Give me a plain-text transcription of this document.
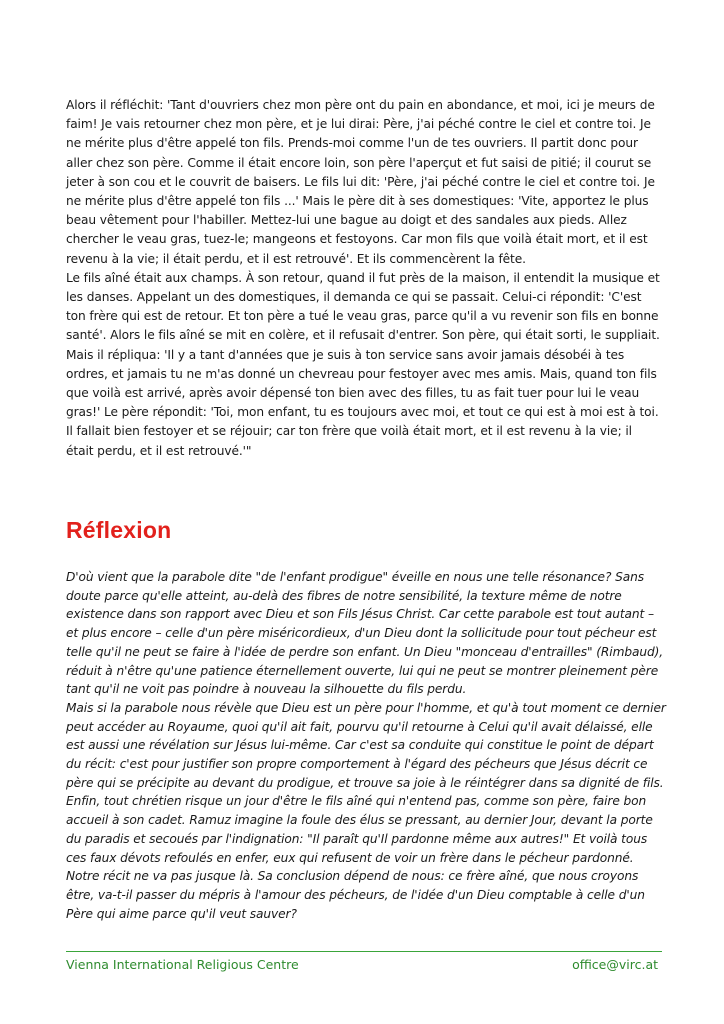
Alors il réfléchit: 'Tant d'ouvriers chez mon père ont du pain en abondance, et moi, ici je meurs de faim! Je vais retourner chez mon père, et je lui dirai: Père, j'ai péché contre le ciel et contre toi. Je ne mérite plus d'être appelé ton fils. Prends-moi comme l'un de tes ouvriers. Il partit donc pour aller chez son père. Comme il était encore loin, son père l'aperçut et fut saisi de pitié; il courut se jeter à son cou et le couvrit de baisers. Le fils lui dit: 'Père, j'ai péché contre le ciel et contre toi. Je ne mérite plus d'être appelé ton fils ...' Mais le père dit à ses domestiques: 'Vite, apportez le plus beau vêtement pour l'habiller. Mettez-lui une bague au doigt et des sandales aux pieds. Allez chercher le veau gras, tuez-le; mangeons et festoyons. Car mon fils que voilà était mort, et il est revenu à la vie; il était perdu, et il est retrouvé'. Et ils commencèrent la fête.

Le fils aîné était aux champs. À son retour, quand il fut près de la maison, il entendit la musique et les danses. Appelant un des domestiques, il demanda ce qui se passait. Celui-ci répondit: 'C'est ton frère qui est de retour. Et ton père a tué le veau gras, parce qu'il a vu revenir son fils en bonne santé'. Alors le fils aîné se mit en colère, et il refusait d'entrer. Son père, qui était sorti, le suppliait. Mais il répliqua: 'Il y a tant d'années que je suis à ton service sans avoir jamais désobéi à tes ordres, et jamais tu ne m'as donné un chevreau pour festoyer avec mes amis. Mais, quand ton fils que voilà est arrivé, après avoir dépensé ton bien avec des filles, tu as fait tuer pour lui le veau gras!' Le père répondit: 'Toi, mon enfant, tu es toujours avec moi, et tout ce qui est à moi est à toi. Il fallait bien festoyer et se réjouir; car ton frère que voilà était mort, et il est revenu à la vie; il était perdu, et il est retrouvé.'"

Réflexion

D'où vient que la parabole dite "de l'enfant prodigue" éveille en nous une telle résonance? Sans doute parce qu'elle atteint, au-delà des fibres de notre sensibilité, la texture même de notre existence dans son rapport avec Dieu et son Fils Jésus Christ. Car cette parabole est tout autant – et plus encore – celle d'un père miséricordieux, d'un Dieu dont la sollicitude pour tout pécheur est telle qu'il ne peut se faire à l'idée de perdre son enfant. Un Dieu "monceau d'entrailles" (Rimbaud), réduit à n'être qu'une patience éternellement ouverte, lui qui ne peut se montrer pleinement père tant qu'il ne voit pas poindre à nouveau la silhouette du fils perdu.

Mais si la parabole nous révèle que Dieu est un père pour l'homme, et qu'à tout moment ce dernier peut accéder au Royaume, quoi qu'il ait fait, pourvu qu'il retourne à Celui qu'il avait délaissé, elle est aussi une révélation sur Jésus lui-même. Car c'est sa conduite qui constitue le point de départ du récit: c'est pour justifier son propre comportement à l'égard des pécheurs que Jésus décrit ce père qui se précipite au devant du prodigue, et trouve sa joie à le réintégrer dans sa dignité de fils.

Enfin, tout chrétien risque un jour d'être le fils aîné qui n'entend pas, comme son père, faire bon accueil à son cadet. Ramuz imagine la foule des élus se pressant, au dernier Jour, devant la porte du paradis et secoués par l'indignation: "Il paraît qu'Il pardonne même aux autres!" Et voilà tous ces faux dévots refoulés en enfer, eux qui refusent de voir un frère dans le pécheur pardonné. Notre récit ne va pas jusque là. Sa conclusion dépend de nous: ce frère aîné, que nous croyons être, va-t-il passer du mépris à l'amour des pécheurs, de l'idée d'un Dieu comptable à celle d'un Père qui aime parce qu'il veut sauver?

Vienna International Religious Centre	office@virc.at
